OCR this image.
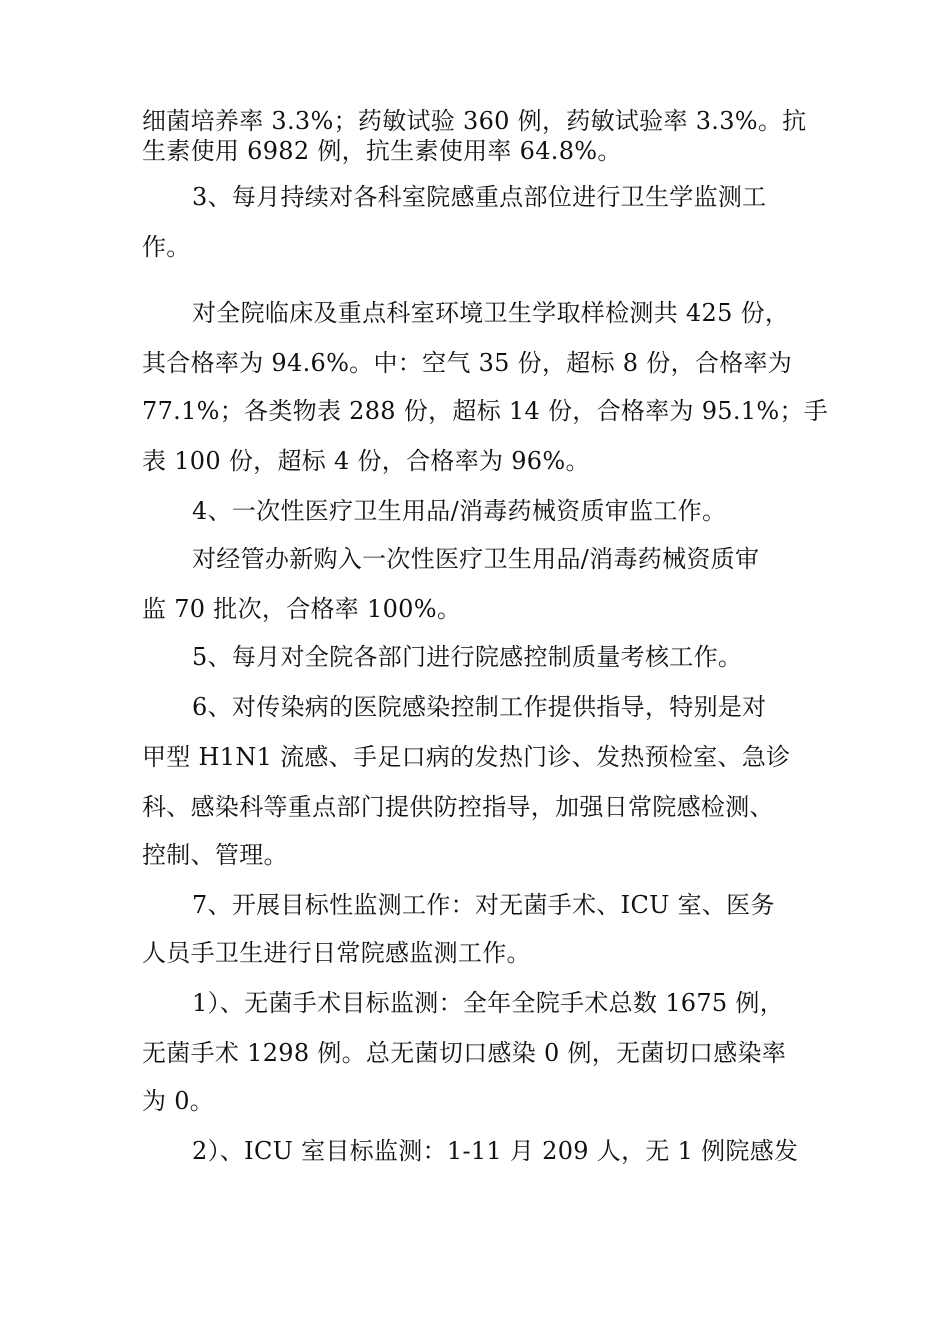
细菌培养率 3.3%；药敏试验 360 例，药敏试验率 3.3%。抗

生素使用 6982 例，抗生素使用率 64.8%。

3、每月持续对各科室院感重点部位进行卫生学监测工

作。

对全院临床及重点科室环境卫生学取样检测共 425 份，

其合格率为 94.6%。中：空气 35 份，超标 8 份，合格率为

77.1%；各类物表 288 份，超标 14 份，合格率为 95.1%；手

表 100 份，超标 4 份，合格率为 96%。

4、一次性医疗卫生用品/消毒药械资质审监工作。

对经管办新购入一次性医疗卫生用品/消毒药械资质审

监 70 批次，合格率 100%。

5、每月对全院各部门进行院感控制质量考核工作。

6、对传染病的医院感染控制工作提供指导，特别是对

甲型 H1N1 流感、手足口病的发热门诊、发热预检室、急诊

科、感染科等重点部门提供防控指导，加强日常院感检测、

控制、管理。

7、开展目标性监测工作：对无菌手术、ICU 室、医务

人员手卫生进行日常院感监测工作。

1）、无菌手术目标监测：全年全院手术总数 1675 例，

无菌手术 1298 例。总无菌切口感染 0 例，无菌切口感染率

为 0。

2）、ICU 室目标监测：1-11 月 209 人，无 1 例院感发
